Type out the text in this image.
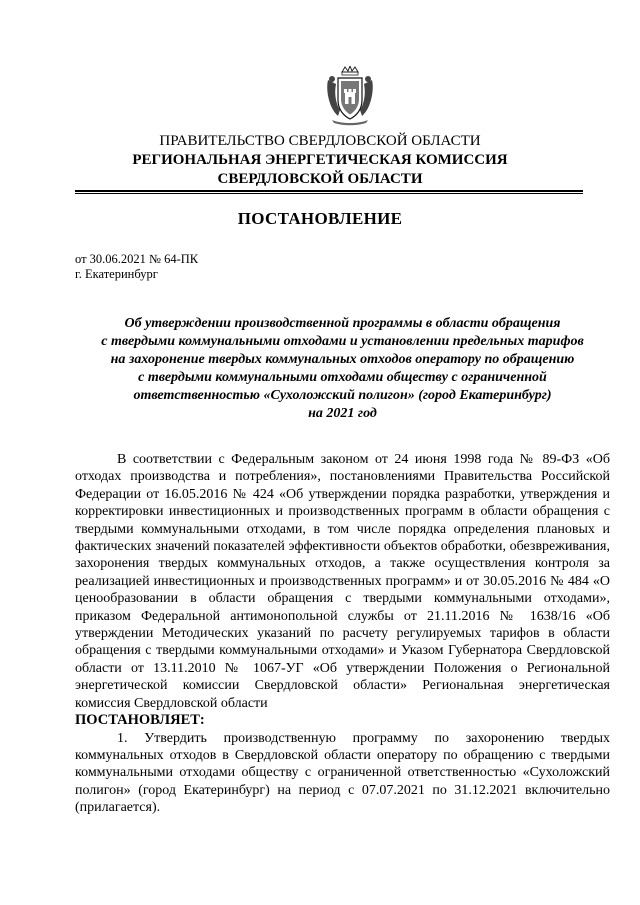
ПРАВИТЕЛЬСТВО СВЕРДЛОВСКОЙ ОБЛАСТИ
РЕГИОНАЛЬНАЯ ЭНЕРГЕТИЧЕСКАЯ КОМИССИЯ
СВЕРДЛОВСКОЙ ОБЛАСТИ
ПОСТАНОВЛЕНИЕ
от 30.06.2021 № 64-ПК
г. Екатеринбург
Об утверждении производственной программы в области обращения
с твердыми коммунальными отходами и установлении предельных тарифов
на захоронение твердых коммунальных отходов оператору по обращению
с твердыми коммунальными отходами обществу с ограниченной
ответственностью «Сухоложский полигон» (город Екатеринбург)
на 2021 год

В соответствии с Федеральным законом от 24 июня 1998 года № 89-ФЗ «Об отходах производства и потребления», постановлениями Правительства Российской Федерации от 16.05.2016 № 424 «Об утверждении порядка разработки, утверждения и корректировки инвестиционных и производственных программ в области обращения с твердыми коммунальными отходами, в том числе порядка определения плановых и фактических значений показателей эффективности объектов обработки, обезвреживания, захоронения твердых коммунальных отходов, а также осуществления контроля за реализацией инвестиционных и производственных программ» и от 30.05.2016 № 484 «О ценообразовании в области обращения с твердыми коммунальными отходами», приказом Федеральной антимонопольной службы от 21.11.2016 № 1638/16 «Об утверждении Методических указаний по расчету регулируемых тарифов в области обращения с твердыми коммунальными отходами» и Указом Губернатора Свердловской области от 13.11.2010 № 1067-УГ «Об утверждении Положения о Региональной энергетической комиссии Свердловской области» Региональная энергетическая комиссия Свердловской области

ПОСТАНОВЛЯЕТ:

1. Утвердить производственную программу по захоронению твердых коммунальных отходов в Свердловской области оператору по обращению с твердыми коммунальными отходами обществу с ограниченной ответственностью «Сухоложский полигон» (город Екатеринбург) на период с 07.07.2021 по 31.12.2021 включительно (прилагается).
